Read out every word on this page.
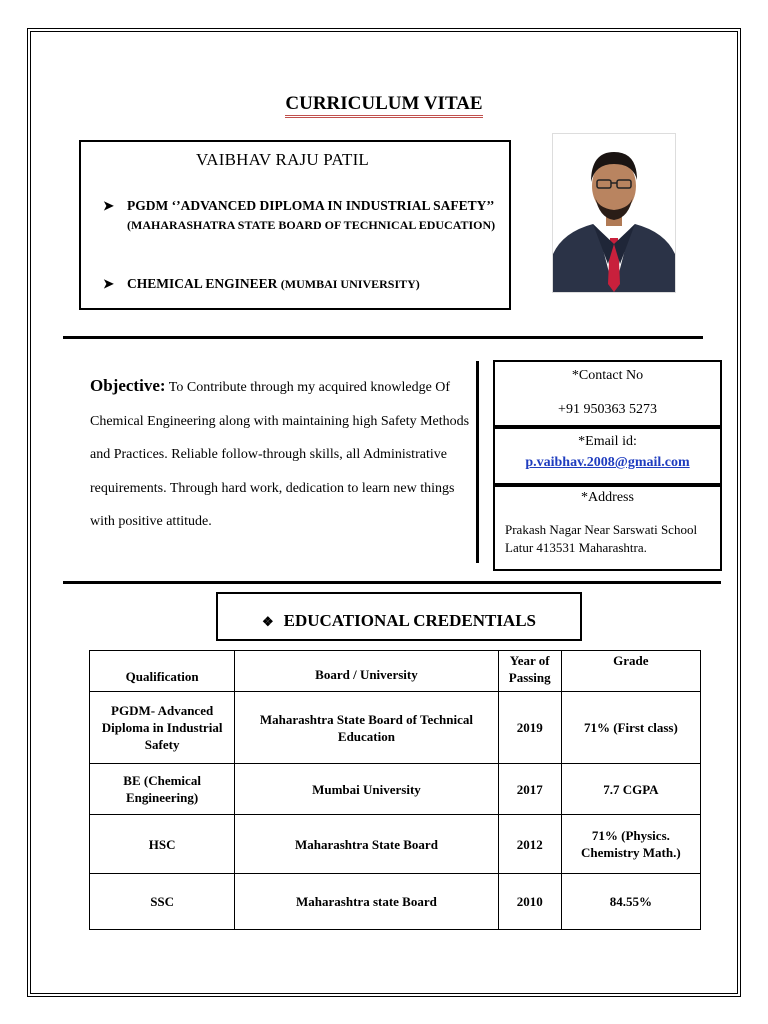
CURRICULUM VITAE
VAIBHAV RAJU PATIL
➤ PGDM ‘’ADVANCED DIPLOMA IN INDUSTRIAL SAFETY’’ (MAHARASHATRA STATE BOARD OF TECHNICAL EDUCATION)
➤ CHEMICAL ENGINEER (MUMBAI UNIVERSITY)
Objective: To Contribute through my acquired knowledge Of Chemical Engineering along with maintaining high Safety Methods and Practices. Reliable follow-through skills, all Administrative requirements. Through hard work, dedication to learn new things with positive attitude.
*Contact No
+91 950363 5273
*Email id:
p.vaibhav.2008@gmail.com
*Address
Prakash Nagar Near Sarswati School
Latur 413531 Maharashtra.
❖ EDUCATIONAL CREDENTIALS
Qualification	Board / University	Year of Passing	Grade
PGDM- Advanced Diploma in Industrial Safety	Maharashtra State Board of Technical Education	2019	71% (First class)
BE (Chemical Engineering)	Mumbai University	2017	7.7 CGPA
HSC	Maharashtra State Board	2012	71% (Physics. Chemistry Math.)
SSC	Maharashtra state Board	2010	84.55%
